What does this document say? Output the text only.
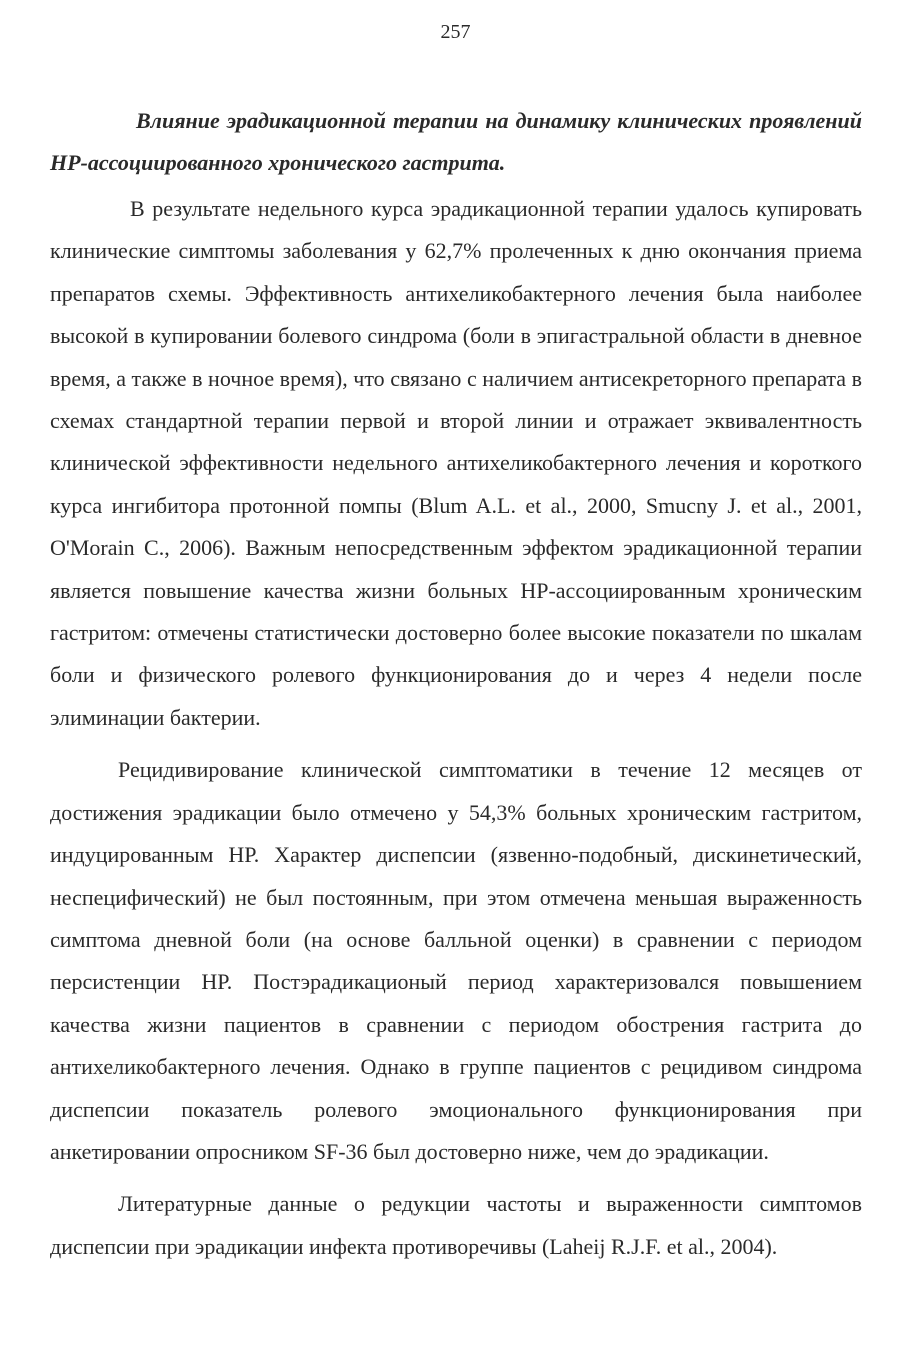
257

Влияние эрадикационной терапии на динамику клинических проявлений НР-ассоциированного хронического гастрита.

В результате недельного курса эрадикационной терапии удалось купировать клинические симптомы заболевания у 62,7% пролеченных к дню окончания приема препаратов схемы. Эффективность антихеликобактерного лечения была наиболее высокой в купировании болевого синдрома (боли в эпигастральной области в дневное время, а также в ночное время), что связано с наличием антисекреторного препарата в схемах стандартной терапии первой и второй линии и отражает эквивалентность клинической эффективности недельного антихеликобактерного лечения и короткого курса ингибитора протонной помпы (Blum A.L. et al., 2000, Smucny J. et al., 2001, O'Morain C., 2006). Важным непосредственным эффектом эрадикационной терапии является повышение качества жизни больных НР-ассоциированным хроническим гастритом: отмечены статистически достоверно более высокие показатели по шкалам боли и физического ролевого функционирования до и через 4 недели после элиминации бактерии.

Рецидивирование клинической симптоматики в течение 12 месяцев от достижения эрадикации было отмечено у 54,3% больных хроническим гастритом, индуцированным НР. Характер диспепсии (язвенно-подобный, дискинетический, неспецифический) не был постоянным, при этом отмечена меньшая выраженность симптома дневной боли (на основе балльной оценки) в сравнении с периодом персистенции НР. Постэрадикационый период характеризовался повышением качества жизни пациентов в сравнении с периодом обострения гастрита до антихеликобактерного лечения. Однако в группе пациентов с рецидивом синдрома диспепсии показатель ролевого эмоционального функционирования при анкетировании опросником SF-36 был достоверно ниже, чем до эрадикации.

Литературные данные о редукции частоты и выраженности симптомов диспепсии при эрадикации инфекта противоречивы (Laheij R.J.F. et al., 2004).
